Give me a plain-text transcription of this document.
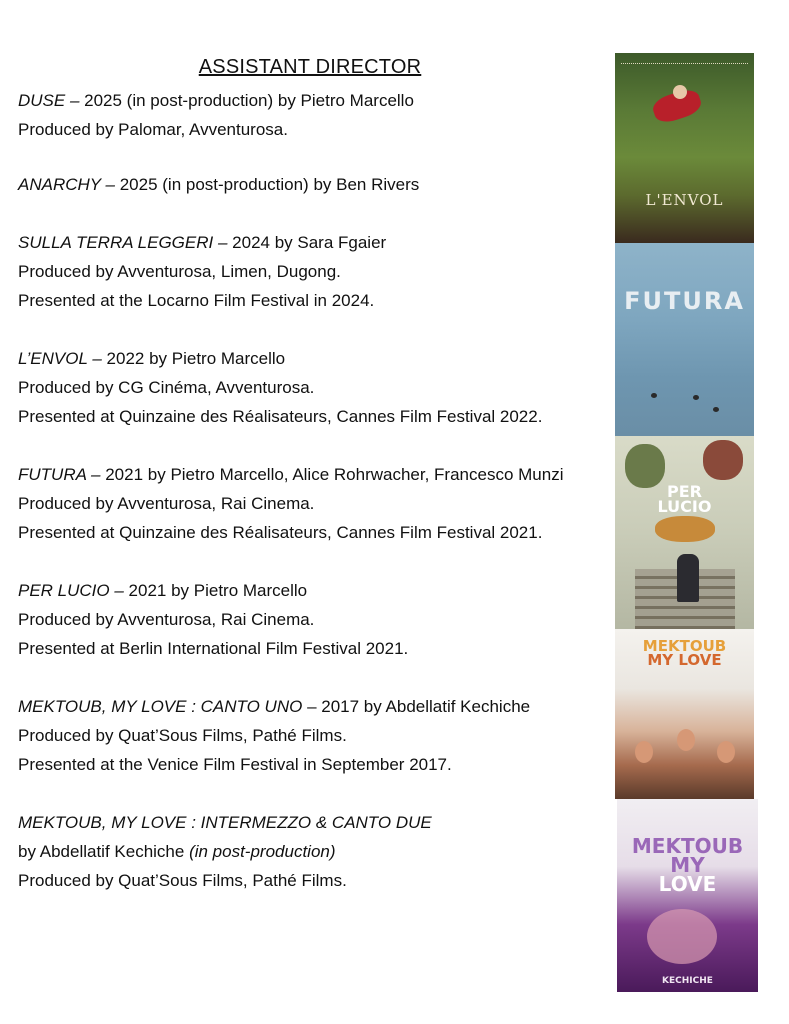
ASSISTANT DIRECTOR
DUSE – 2025 (in post-production) by Pietro Marcello
Produced by Palomar, Avventurosa.
ANARCHY – 2025 (in post-production) by Ben Rivers
SULLA TERRA LEGGERI – 2024 by Sara Fgaier
Produced by Avventurosa, Limen, Dugong.
Presented at the Locarno Film Festival in 2024.
L’ENVOL – 2022 by Pietro Marcello
Produced by CG Cinéma, Avventurosa.
Presented at Quinzaine des Réalisateurs, Cannes Film Festival 2022.
FUTURA – 2021 by Pietro Marcello, Alice Rohrwacher, Francesco Munzi
Produced by Avventurosa, Rai Cinema.
Presented at Quinzaine des Réalisateurs, Cannes Film Festival 2021.
PER LUCIO – 2021 by Pietro Marcello
Produced by Avventurosa, Rai Cinema.
Presented at Berlin International Film Festival 2021.
MEKTOUB, MY LOVE : CANTO UNO – 2017 by Abdellatif Kechiche
Produced by Quat’Sous Films, Pathé Films.
Presented at the Venice Film Festival in September 2017.
MEKTOUB, MY LOVE : INTERMEZZO & CANTO DUE
by Abdellatif Kechiche (in post-production)
Produced by Quat’Sous Films, Pathé Films.
L'ENVOL
FUTURA
PER
LUCIO
MEKTOUB
MY LOVE
MEKTOUB
MY
LOVE
KECHICHE
